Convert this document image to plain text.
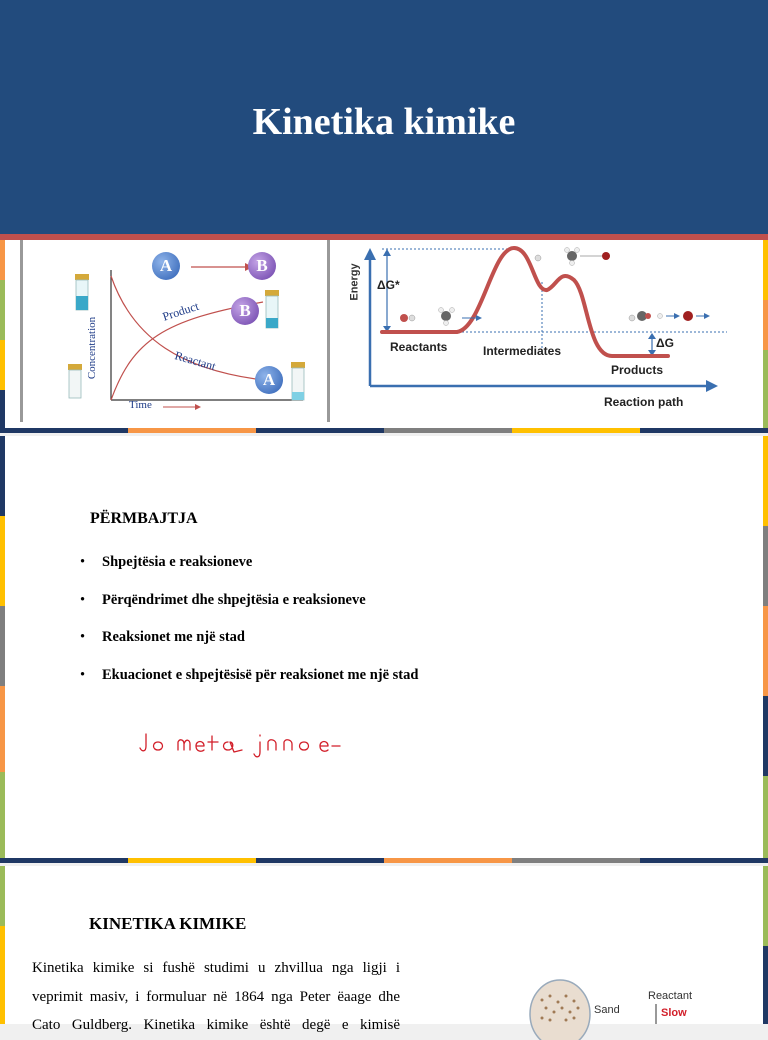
Kinetika kimike
A	B
B
A
Product
Reactant
Concentration
Time
Energy ΔG*
ΔG
Reactants	Intermediates
Products
Reaction path
PËRMBAJTJA
•	Shpejtësia e reaksioneve
•	Përqëndrimet dhe shpejtësia e reaksioneve
•	Reaksionet me një stad
•	Ekuacionet e shpejtësisë për reaksionet me një stad
KINETIKA KIMIKE
Kinetika kimike si fushë studimi u zhvillua nga ligji i
veprimit masiv, i formuluar në 1864 nga Peter ëaage dhe
Cato Guldberg. Kinetika kimike është degë e kimisë
Sand
Reactant
Slow
